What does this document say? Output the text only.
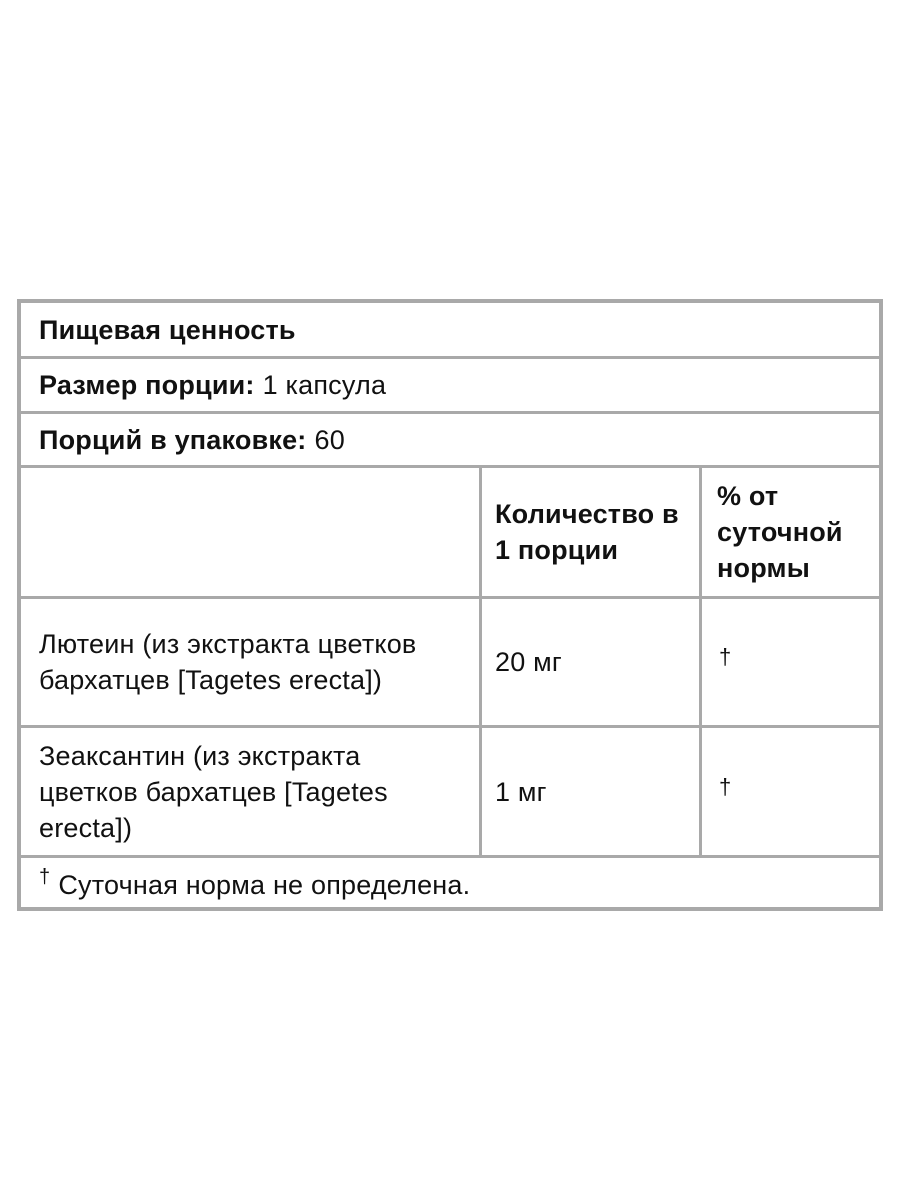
Пищевая ценность
Размер порции: 1 капсула
Порций в упаковке: 60
Количество в 1 порции
% от суточной нормы
Лютеин (из экстракта цветков бархатцев [Tagetes erecta])
20 мг	†
Зеаксантин (из экстракта цветков бархатцев [Tagetes erecta])
1 мг	†
† Суточная норма не определена.
